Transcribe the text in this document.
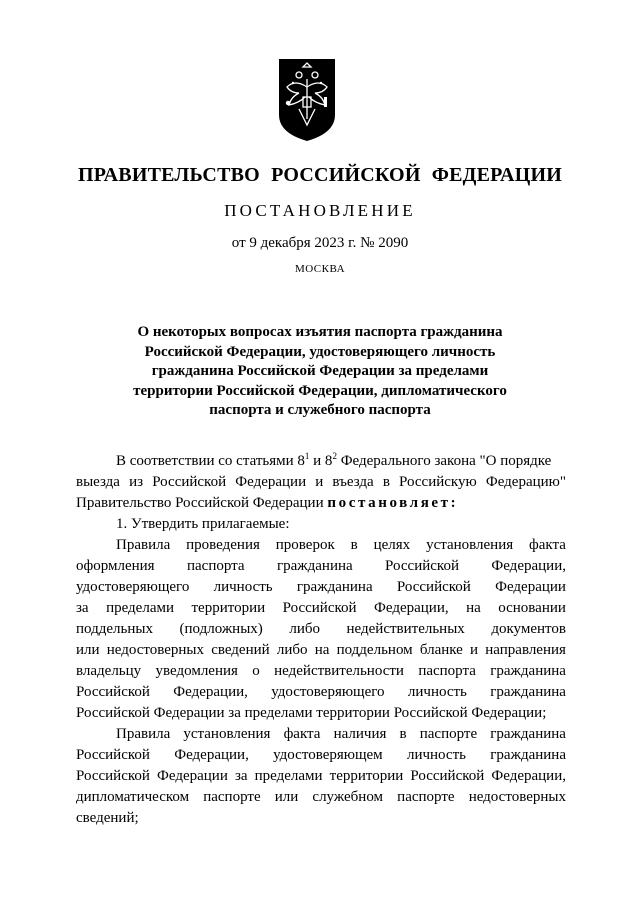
ПРАВИТЕЛЬСТВО РОССИЙСКОЙ ФЕДЕРАЦИИ
ПОСТАНОВЛЕНИЕ
от 9 декабря 2023 г. № 2090
МОСКВА
О некоторых вопросах изъятия паспорта гражданина
Российской Федерации, удостоверяющего личность
гражданина Российской Федерации за пределами
территории Российской Федерации, дипломатического
паспорта и служебного паспорта
В соответствии со статьями $8^1$ и $8^2$ Федерального закона "О порядке
выезда из Российской Федерации и въезда в Российскую Федерацию"
Правительство Российской Федерации постановляет:
1. Утвердить прилагаемые:
Правила проведения проверок в целях установления факта
оформления паспорта гражданина Российской Федерации,
удостоверяющего личность гражданина Российской Федерации
за пределами территории Российской Федерации, на основании
поддельных (подложных) либо недействительных документов
или недостоверных сведений либо на поддельном бланке и направления
владельцу уведомления о недействительности паспорта гражданина
Российской Федерации, удостоверяющего личность гражданина
Российской Федерации за пределами территории Российской Федерации;
Правила установления факта наличия в паспорте гражданина
Российской Федерации, удостоверяющем личность гражданина
Российской Федерации за пределами территории Российской Федерации,
дипломатическом паспорте или служебном паспорте недостоверных
сведений;
